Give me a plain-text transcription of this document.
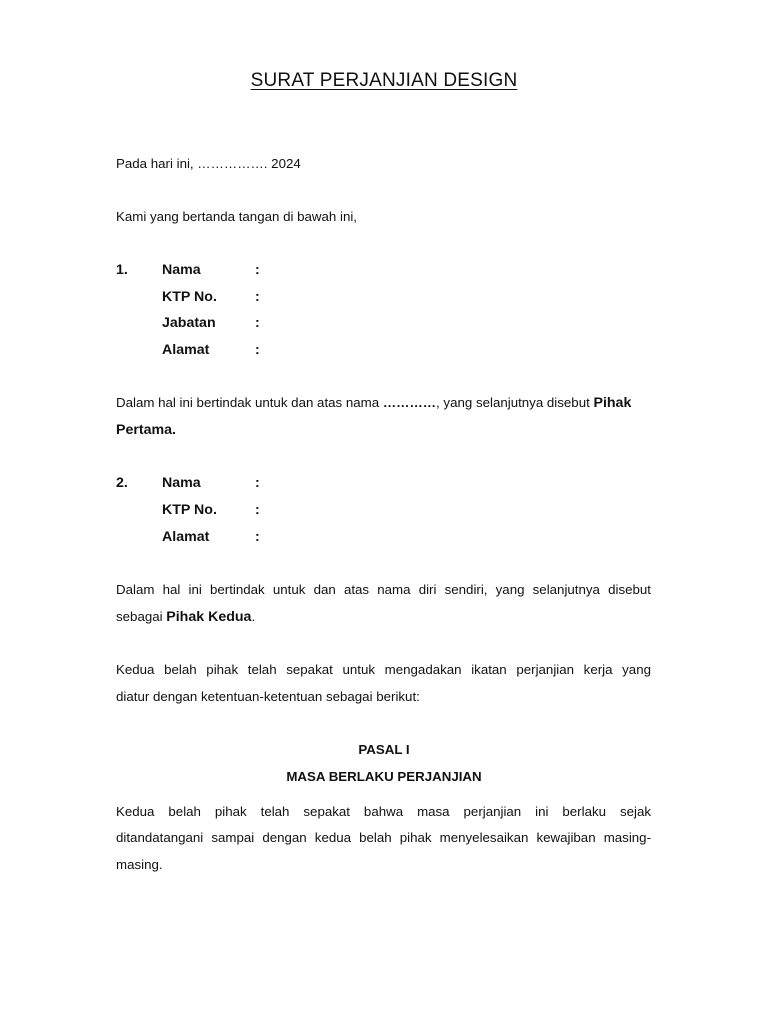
SURAT PERJANJIAN DESIGN
Pada hari ini, ……………. 2024
Kami yang bertanda tangan di bawah ini,
1. Nama	:
KTP No.	:
Jabatan	:
Alamat	:
Dalam hal ini bertindak untuk dan atas nama …………, yang selanjutnya disebut Pihak
Pertama.
2. Nama	:
KTP No.	:
Alamat	:
Dalam hal ini bertindak untuk dan atas nama diri sendiri, yang selanjutnya disebut
sebagai Pihak Kedua.
Kedua belah pihak telah sepakat untuk mengadakan ikatan perjanjian kerja yang
diatur dengan ketentuan-ketentuan sebagai berikut:
PASAL I
MASA BERLAKU PERJANJIAN
Kedua belah pihak telah sepakat bahwa masa perjanjian ini berlaku sejak
ditandatangani sampai dengan kedua belah pihak menyelesaikan kewajiban masing-
masing.
